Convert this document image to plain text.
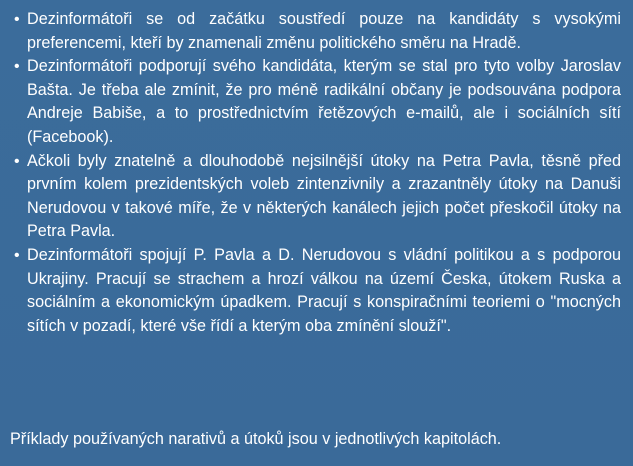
• Dezinformátoři se od začátku soustředí pouze na kandidáty s vysokými preferencemi, kteří by znamenali změnu politického směru na Hradě.
• Dezinformátoři podporují svého kandidáta, kterým se stal pro tyto volby Jaroslav Bašta. Je třeba ale zmínit, že pro méně radikální občany je podsouvána podpora Andreje Babiše, a to prostřednictvím řetězových e-mailů, ale i sociálních sítí (Facebook).
• Ačkoli byly znatelně a dlouhodobě nejsilnější útoky na Petra Pavla, těsně před prvním kolem prezidentských voleb zintenzivnily a zrazantněly útoky na Danuši Nerudovou v takové míře, že v některých kanálech jejich počet přeskočil útoky na Petra Pavla.
• Dezinformátoři spojují P. Pavla a D. Nerudovou s vládní politikou a s podporou Ukrajiny. Pracují se strachem a hrozí válkou na území Česka, útokem Ruska a sociálním a ekonomickým úpadkem. Pracují s konspiračními teoriemi o "mocných sítích v pozadí, které vše řídí a kterým oba zmínění slouží".
Příklady používaných narativů a útoků jsou v jednotlivých kapitolách.
